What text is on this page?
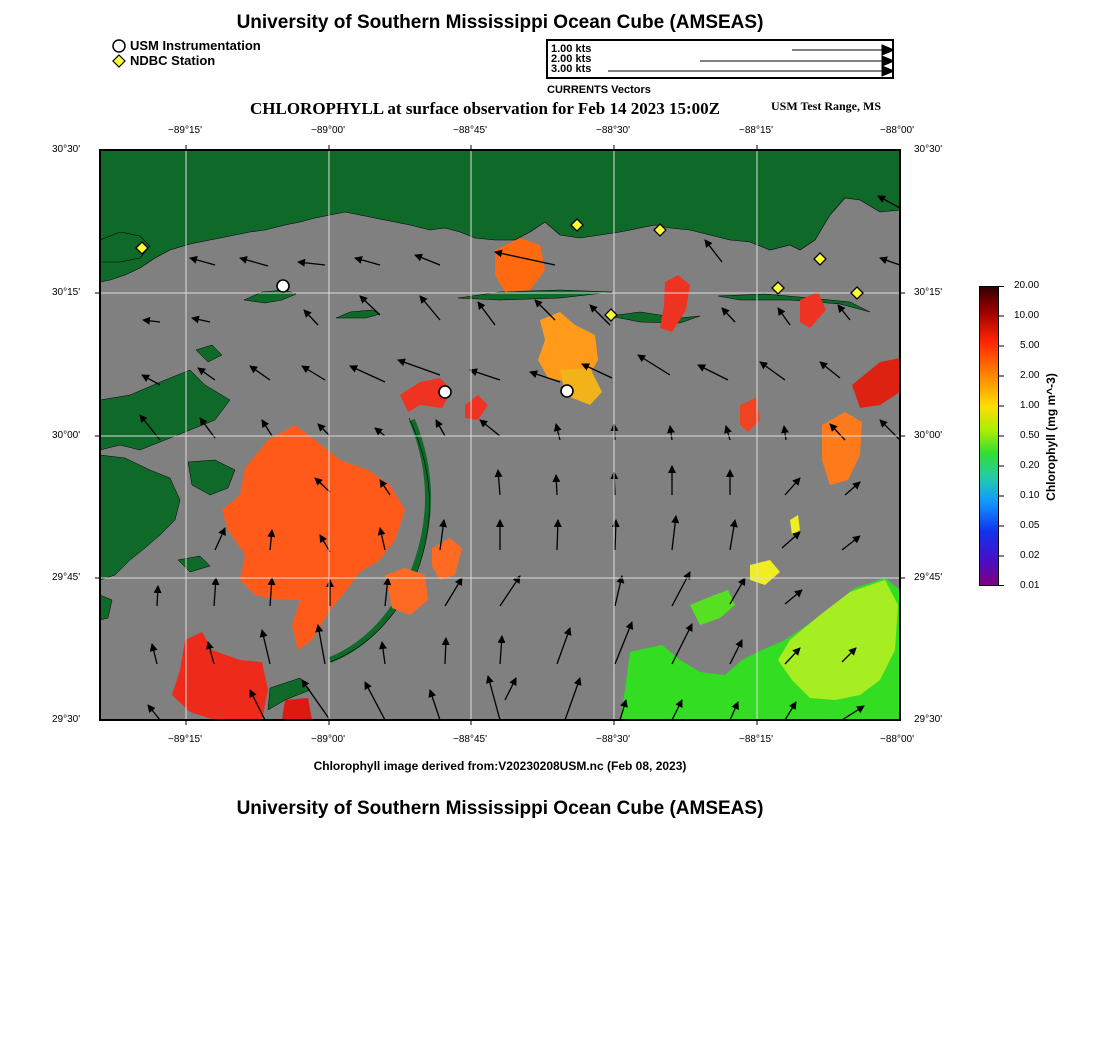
University of Southern Mississippi Ocean Cube (AMSEAS)
USM Instrumentation
NDBC Station
1.00 kts
2.00 kts
3.00 kts
CURRENTS Vectors
CHLOROPHYLL at surface observation for Feb 14 2023 15:00Z	USM Test Range, MS
−89°15'	−89°00'	−88°45'	−88°30'	−88°15'	−88°00'
−89°15'	−89°00'	−88°45'	−88°30'	−88°15'	−88°00'
30°30'
30°15'
30°00'
29°45'
29°30'
30°30'
30°15'
30°00'
29°45'
29°30'
20.00
10.00
5.00
2.00
1.00
0.50
0.20
0.10
0.05
0.02
0.01
Chlorophyll (mg m^-3)
Chlorophyll image derived from:V20230208USM.nc (Feb 08, 2023)
University of Southern Mississippi Ocean Cube (AMSEAS)
